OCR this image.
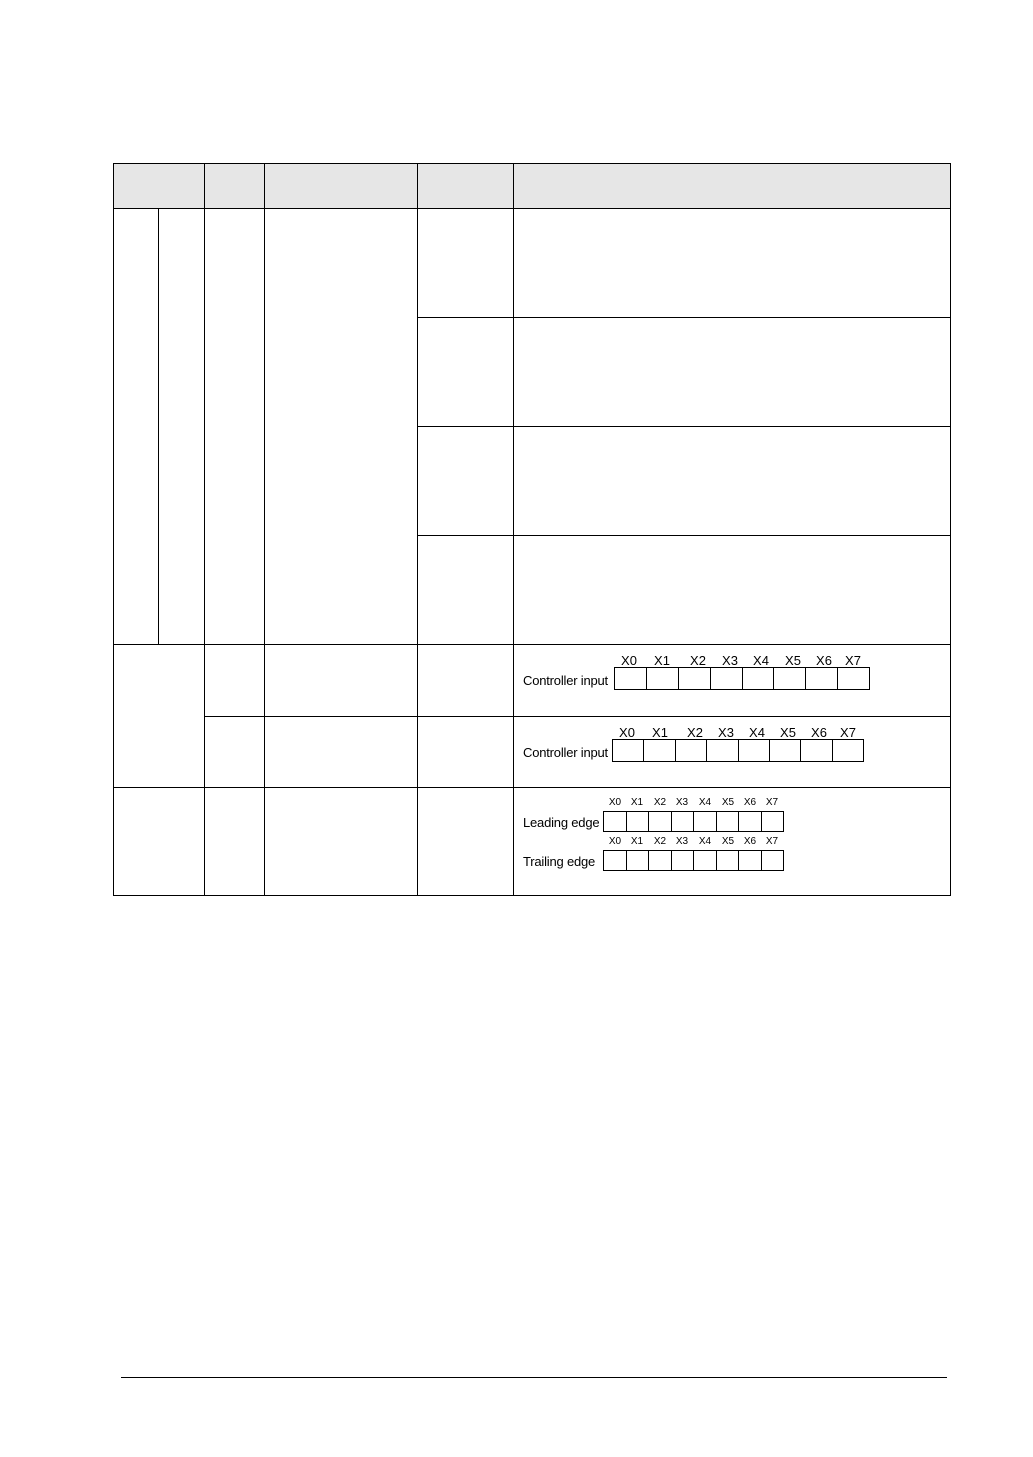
X0 X1 X2 X3 X4 X5 X6 X7
Controller input
X0 X1 X2 X3 X4 X5 X6 X7
Controller input
X0 X1 X2 X3 X4 X5 X6 X7
Leading edge
X0 X1 X2 X3 X4 X5 X6 X7
Trailing edge
